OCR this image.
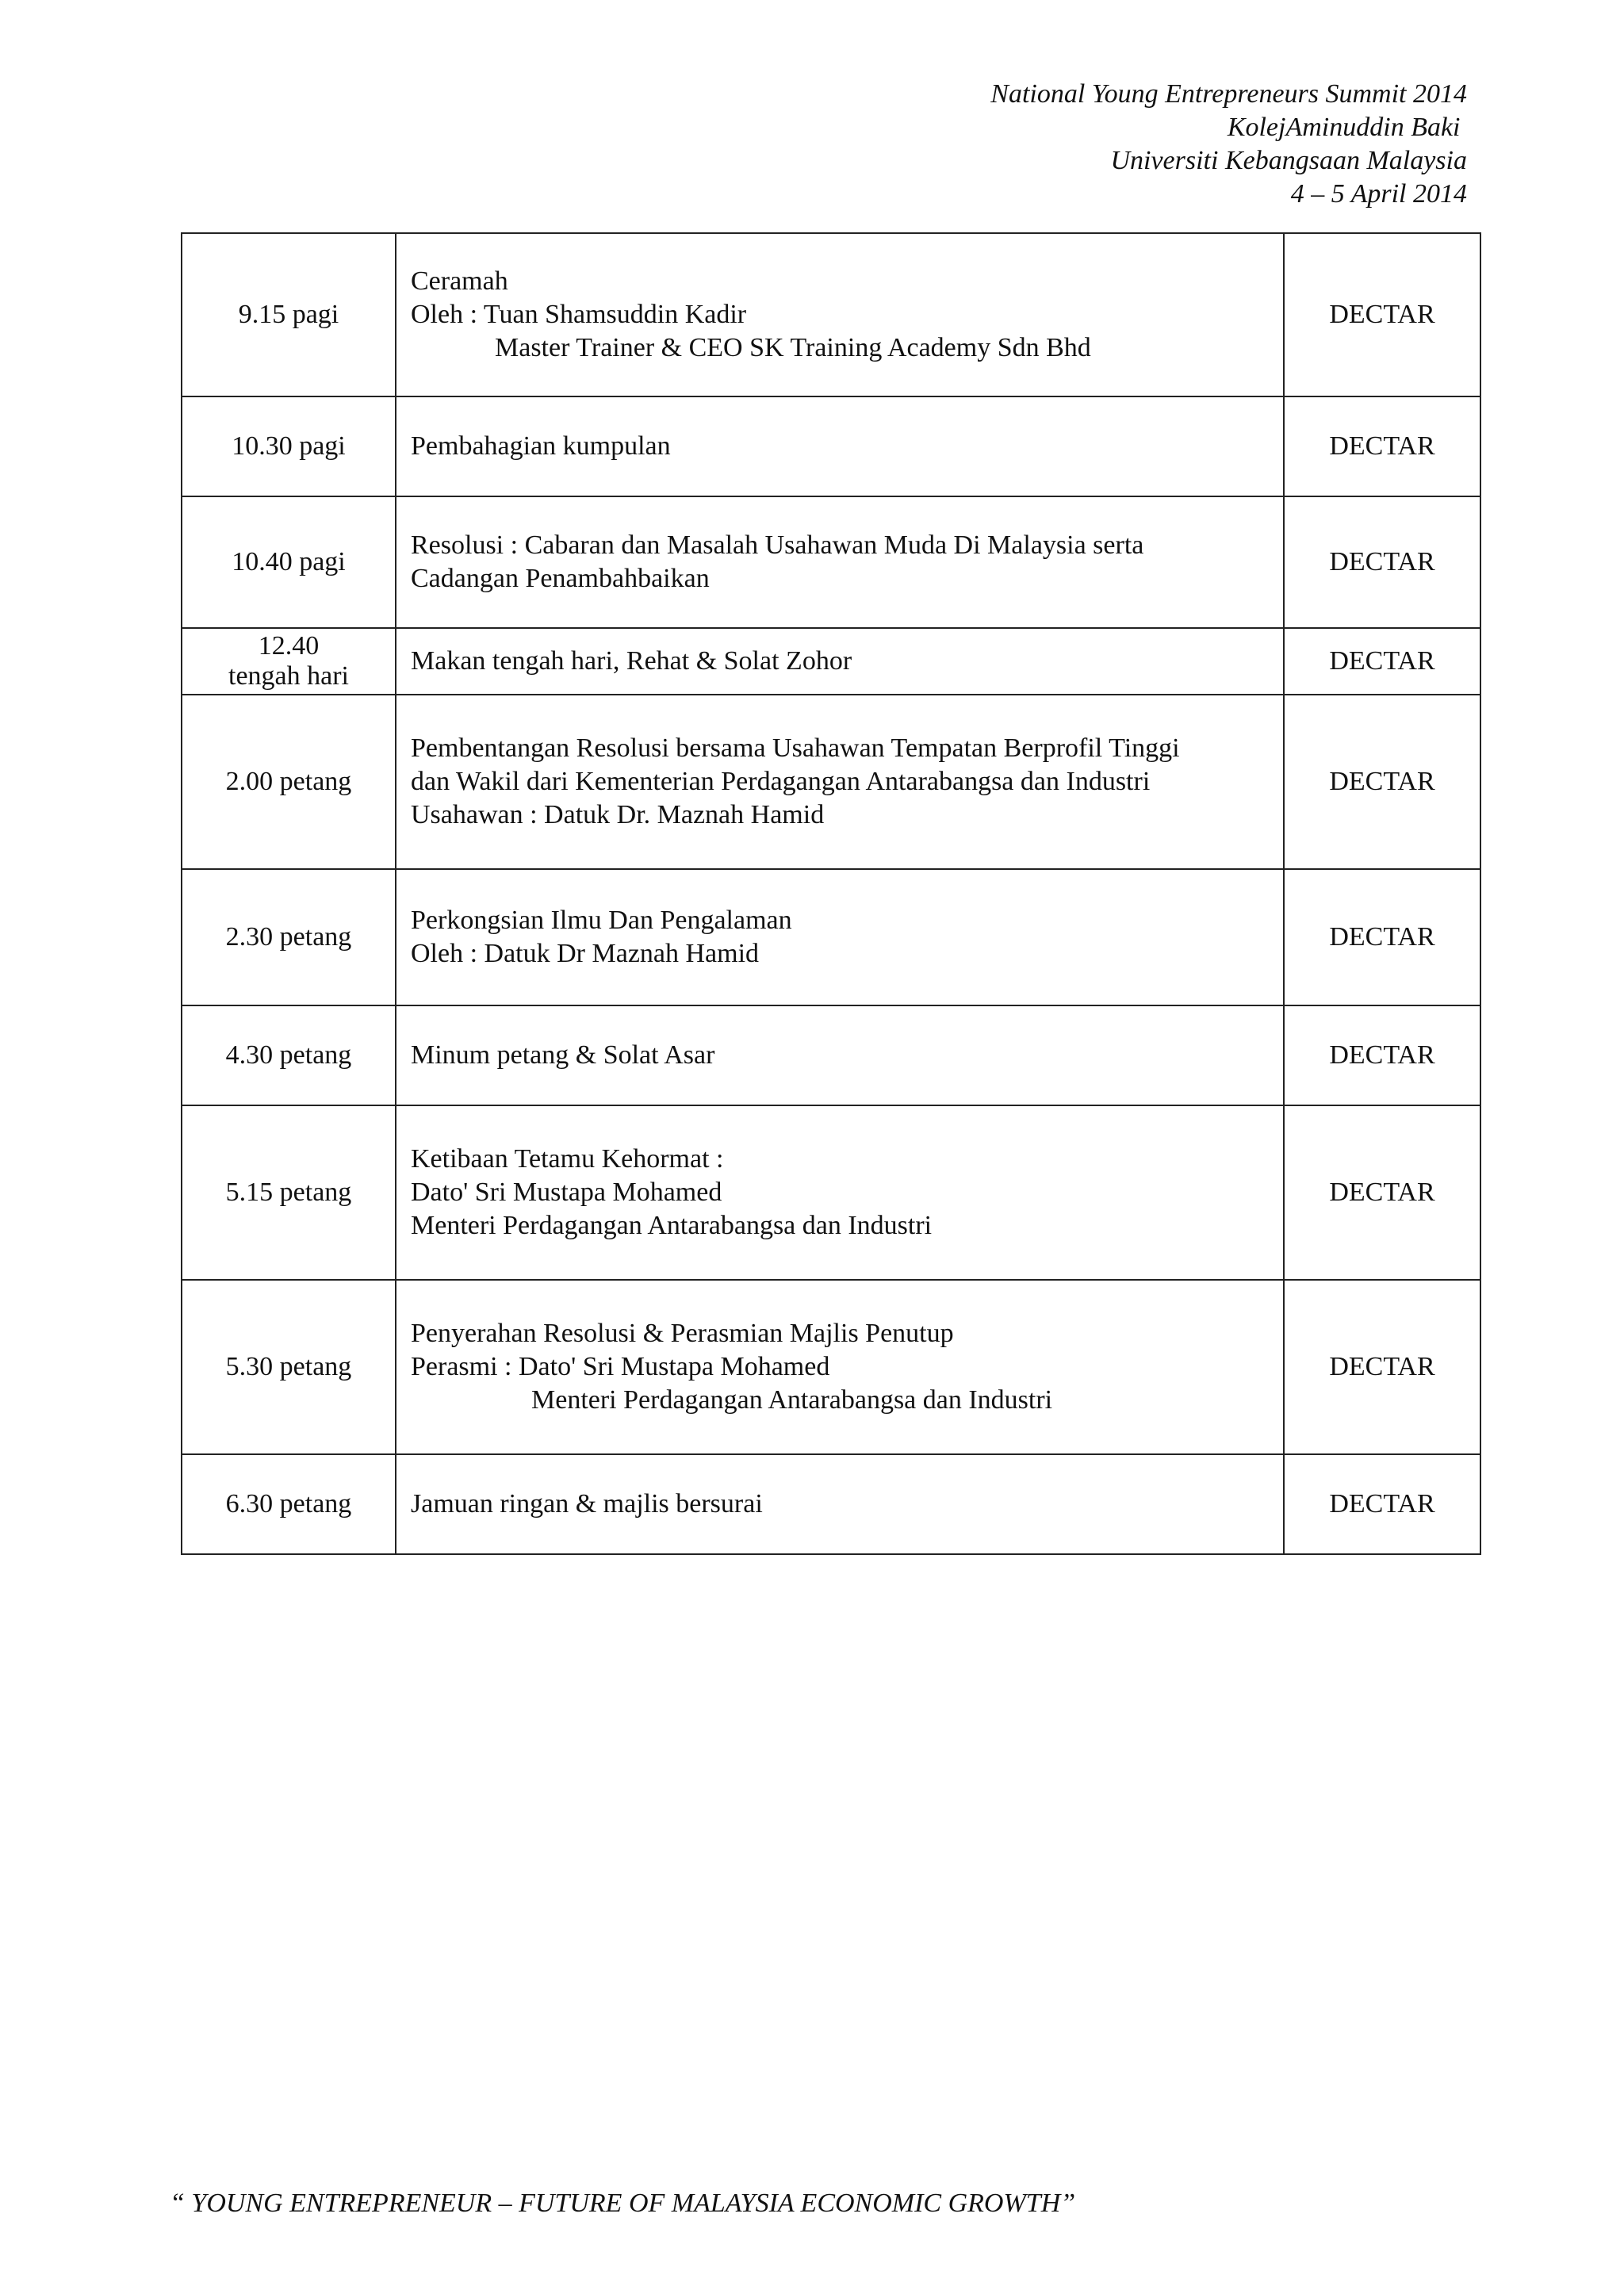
National Young Entrepreneurs Summit 2014
KolejAminuddin Baki
Universiti Kebangsaan Malaysia
4 – 5 April 2014
9.15 pagi	Ceramah
Oleh : Tuan Shamsuddin Kadir
Master Trainer & CEO SK Training Academy Sdn Bhd	DECTAR
10.30 pagi	Pembahagian kumpulan	DECTAR
10.40 pagi	Resolusi : Cabaran dan Masalah Usahawan Muda Di Malaysia serta
Cadangan Penambahbaikan	DECTAR

12.40
tengah hari	Makan tengah hari, Rehat & Solat Zohor	DECTAR
2.00 petang	Pembentangan Resolusi bersama Usahawan Tempatan Berprofil Tinggi
dan Wakil dari Kementerian Perdagangan Antarabangsa dan Industri
Usahawan : Datuk Dr. Maznah Hamid	DECTAR
2.30 petang	Perkongsian Ilmu Dan Pengalaman
Oleh : Datuk Dr Maznah Hamid	DECTAR
4.30 petang	Minum petang & Solat Asar	DECTAR
5.15 petang	Ketibaan Tetamu Kehormat :
Dato' Sri Mustapa Mohamed
Menteri Perdagangan Antarabangsa dan Industri	DECTAR
5.30 petang	Penyerahan Resolusi & Perasmian Majlis Penutup
Perasmi : Dato' Sri Mustapa Mohamed
Menteri Perdagangan Antarabangsa dan Industri	DECTAR
6.30 petang	Jamuan ringan & majlis bersurai	DECTAR
“ YOUNG ENTREPRENEUR – FUTURE OF MALAYSIA ECONOMIC GROWTH”
